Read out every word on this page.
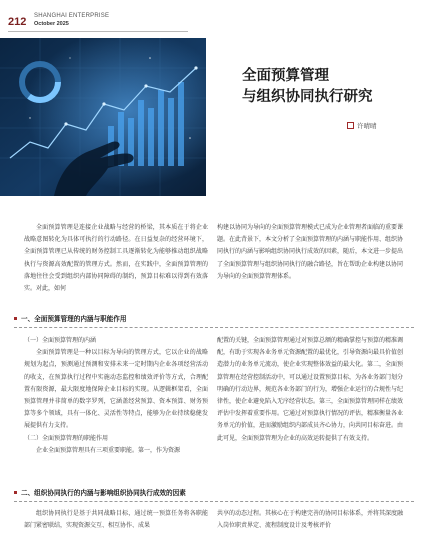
212 SHANGHAI ENTERPRISE
October 2025
全面预算管理
与组织协同执行研究
许晴晴

全面预算管理是连接企业战略与经营的桥梁，其本质在于将企业战略意图转化为具体可执行的行动路径。在日益复杂的经营环境下，全面预算管理已从传统的财务控制工具逐渐转化为能够推动组织战略执行与资源高效配置的管理方式。然而，在实践中，全面预算管理的落地往往会受到组织内部协同障碍的制约，预算目标难以得到有效落实。对此，如何

构建以协同为导向的全面预算管理模式已成为企业管理者面临的重要课题。在此背景下，本文分析了全面预算管理的内涵与职能作用、组织协同执行的内涵与影响组织协同执行成效的因素，随后，本文进一步提出了全面预算管理与组织协同执行的融合路径，旨在帮助企业构建以协同为导向的全面预算管理体系。

一、全面预算管理的内涵与职能作用

（一）全面预算管理的内涵

全面预算管理是一种以目标为导向的管理方式，它以企业的战略规划为起点，预测通过预测和安排未来一定时期内企业各项经营活动的收支，在预算执行过程中实施动态监控和绩效评价等方式，合理配置有限资源，最大限度地保障企业目标的实现。从逻辑框架看，全面预算管理并非简单的数字罗列，它涵盖经营预算、资本预算、财务预算等多个领域，具有一体化、灵活性等特点，能够为企业持续稳健发展提供有力支持。

（二）全面预算管理的职能作用

企业全面预算管理具有三项重要职能。第一，作为资源

配置的关键，全面预算管理通过对预算总额的精确掌控与预算的精准调配，有助于实现各业务单元资源配置的最优化，引导资源向最具价值创造潜力的业务单元流动，使企业实现整体效益的最大化。第二，全面预算管理在经营控制活动中，可以通过设置预算目标，为各业务部门划分明确的行动边界，规范各业务部门的行为，增强企业运行的合规性与纪律性，使企业避免陷入无序经营状态。第三，全面预算管理同样在绩效评估中发挥着重要作用。它通过对预算执行情况的评估，精准衡量各业务单元的价值，进而激励组织内部成员齐心协力，向共同目标奋进。由此可见，全面预算管理为企业的高效运转提供了有效支持。

二、组织协同执行的内涵与影响组织协同执行成效的因素

组织协同执行是基于共同战略目标，通过统一预算任务将各职能部门紧密联结，实现资源交互、相互协作、成果

共享的动态过程。其核心在于构建完善的协同目标体系，并将其深度融入岗位职责界定、流程制度设计及考核评价
